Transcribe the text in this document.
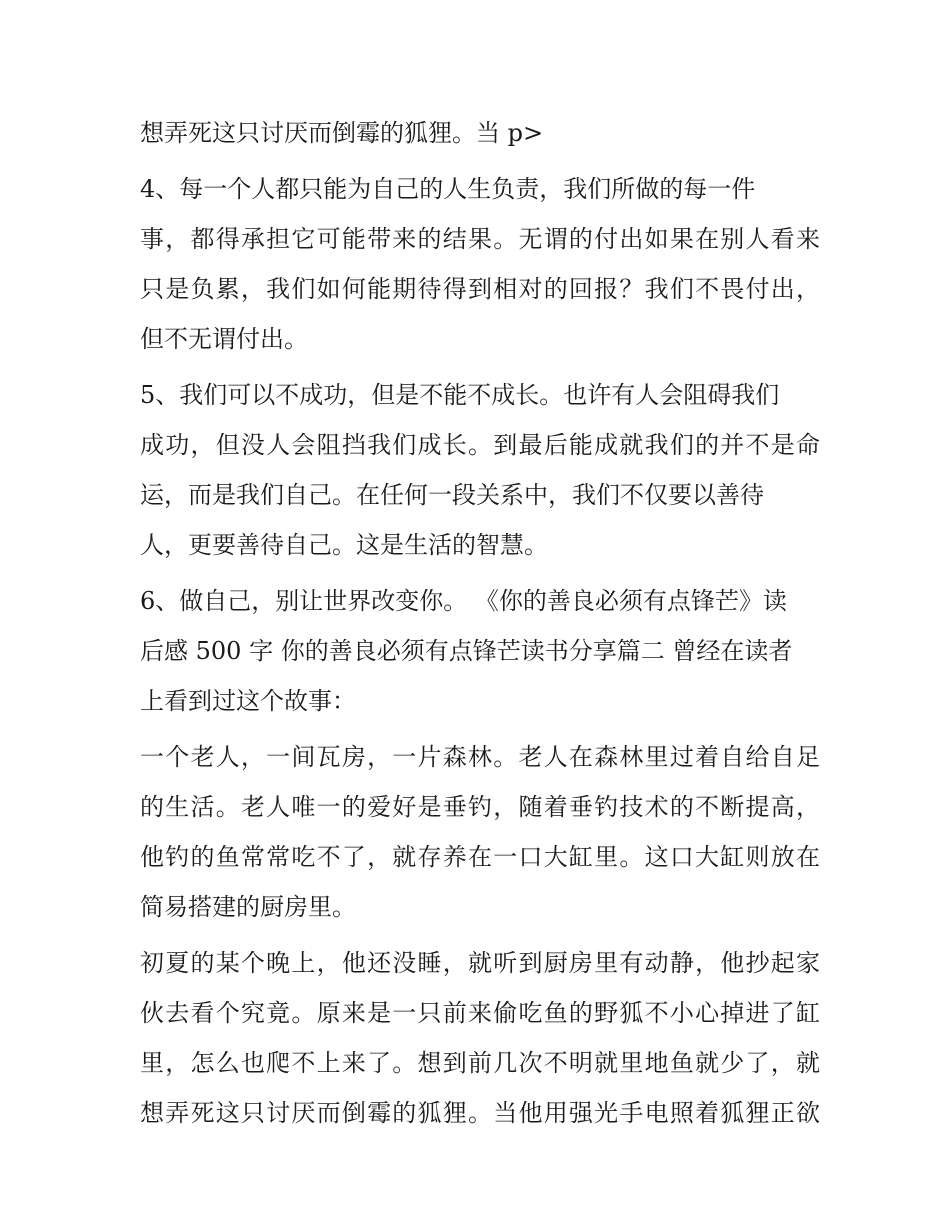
想弄死这只讨厌而倒霉的狐狸。当 p>
4、每一个人都只能为自己的人生负责，我们所做的每一件
事，都得承担它可能带来的结果。无谓的付出如果在别人看来
只是负累，我们如何能期待得到相对的回报？我们不畏付出，
但不无谓付出。
5、我们可以不成功，但是不能不成长。也许有人会阻碍我们
成功，但没人会阻挡我们成长。到最后能成就我们的并不是命
运，而是我们自己。在任何一段关系中，我们不仅要以善待
人，更要善待自己。这是生活的智慧。
6、做自己，别让世界改变你。 《你的善良必须有点锋芒》读
后感 500 字 你的善良必须有点锋芒读书分享篇二 曾经在读者
上看到过这个故事：
一个老人，一间瓦房，一片森林。老人在森林里过着自给自足
的生活。老人唯一的爱好是垂钓，随着垂钓技术的不断提高，
他钓的鱼常常吃不了，就存养在一口大缸里。这口大缸则放在
简易搭建的厨房里。
初夏的某个晚上，他还没睡，就听到厨房里有动静，他抄起家
伙去看个究竟。原来是一只前来偷吃鱼的野狐不小心掉进了缸
里，怎么也爬不上来了。想到前几次不明就里地鱼就少了，就
想弄死这只讨厌而倒霉的狐狸。当他用强光手电照着狐狸正欲
